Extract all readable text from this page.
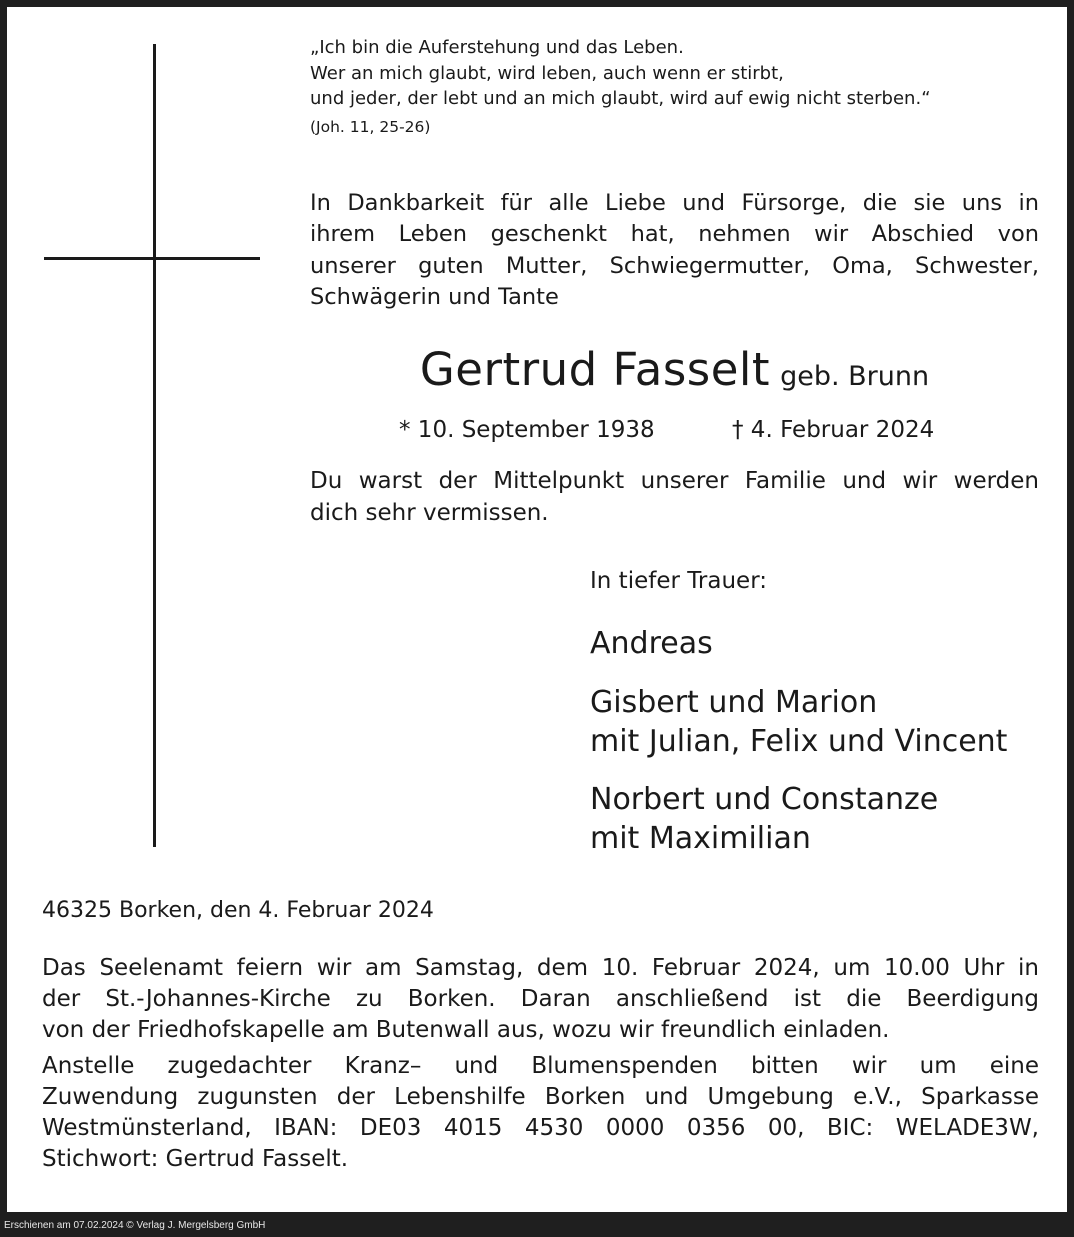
„Ich bin die Auferstehung und das Leben.
Wer an mich glaubt, wird leben, auch wenn er stirbt,
und jeder, der lebt und an mich glaubt, wird auf ewig nicht sterben.“
(Joh. 11, 25-26)
In Dankbarkeit für alle Liebe und Fürsorge, die sie uns in
ihrem Leben geschenkt hat, nehmen wir Abschied von
unserer guten Mutter, Schwiegermutter, Oma, Schwester,
Schwägerin und Tante
Gertrud Fasselt geb. Brunn
* 10. September 1938	† 4. Februar 2024
Du warst der Mittelpunkt unserer Familie und wir werden
dich sehr vermissen.
In tiefer Trauer:
Andreas
Gisbert und Marion
mit Julian, Felix und Vincent
Norbert und Constanze
mit Maximilian
46325 Borken, den 4. Februar 2024
Das Seelenamt feiern wir am Samstag, dem 10. Februar 2024, um 10.00 Uhr in
der St.-Johannes-Kirche zu Borken. Daran anschließend ist die Beerdigung
von der Friedhofskapelle am Butenwall aus, wozu wir freundlich einladen.
Anstelle zugedachter Kranz– und Blumenspenden bitten wir um eine
Zuwendung zugunsten der Lebenshilfe Borken und Umgebung e.V., Sparkasse
Westmünsterland, IBAN: DE03 4015 4530 0000 0356 00, BIC: WELADE3W,
Stichwort: Gertrud Fasselt.
Erschienen am 07.02.2024 © Verlag J. Mergelsberg GmbH
